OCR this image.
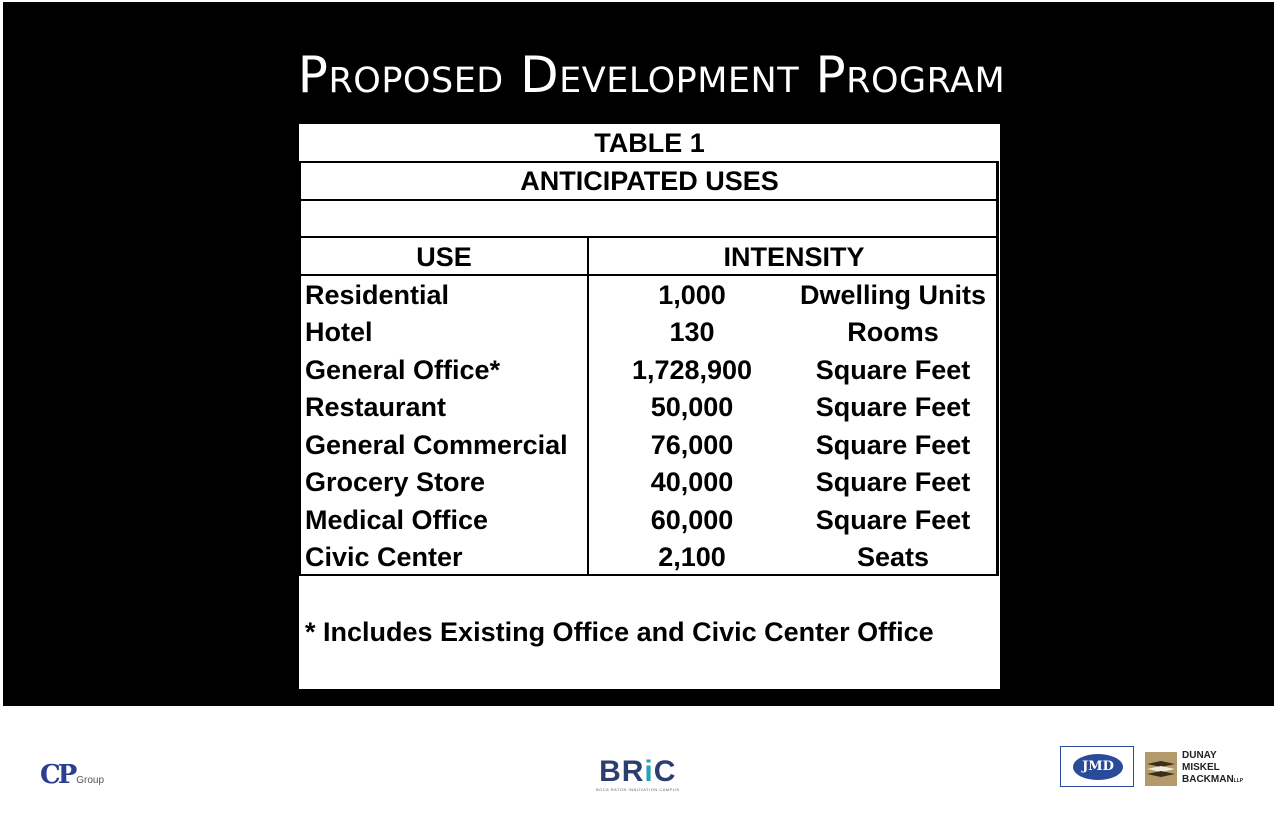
Proposed Development Program
TABLE 1
ANTICIPATED USES
USE	INTENSITY
Residential	1,000	Dwelling Units
Hotel	130	Rooms
General Office*	1,728,900	Square Feet
Restaurant	50,000	Square Feet
General Commercial	76,000	Square Feet
Grocery Store	40,000	Square Feet
Medical Office	60,000	Square Feet
Civic Center	2,100	Seats
* Includes Existing Office and Civic Center Office
CP Group	BRiC
BOCA RATON INNOVATION CAMPUS
JMD
DUNAY
MISKEL
BACKMANLLP
